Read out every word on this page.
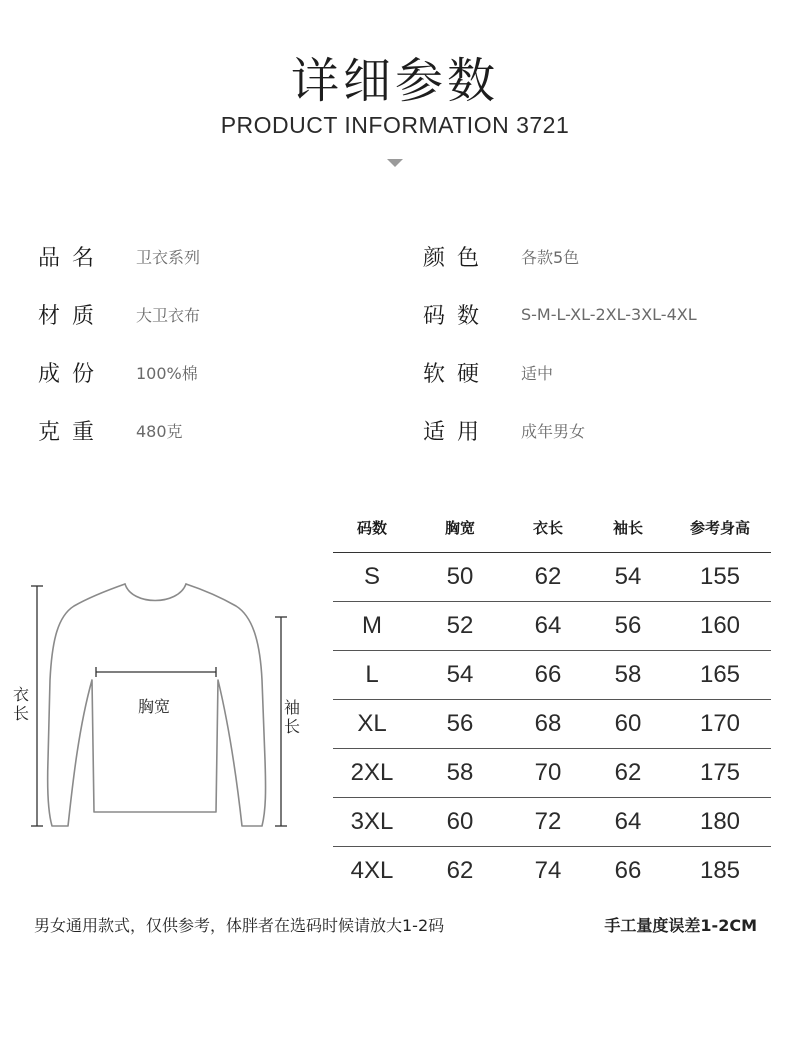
详细参数
PRODUCT INFORMATION 3721
品名	卫衣系列	颜色	各款5色
材质	大卫衣布	码数	S-M-L-XL-2XL-3XL-4XL
成份	100%棉	软硬	适中
克重	480克	适用	成年男女
衣长	袖长
胸宽
码数	胸宽	衣长	袖长	参考身高
S	50	62	54	155
M	52	64	56	160
L	54	66	58	165
XL	56	68	60	170
2XL	58	70	62	175
3XL	60	72	64	180
4XL	62	74	66	185
男女通用款式，仅供参考，体胖者在选码时候请放大1-2码	手工量度误差1-2CM
